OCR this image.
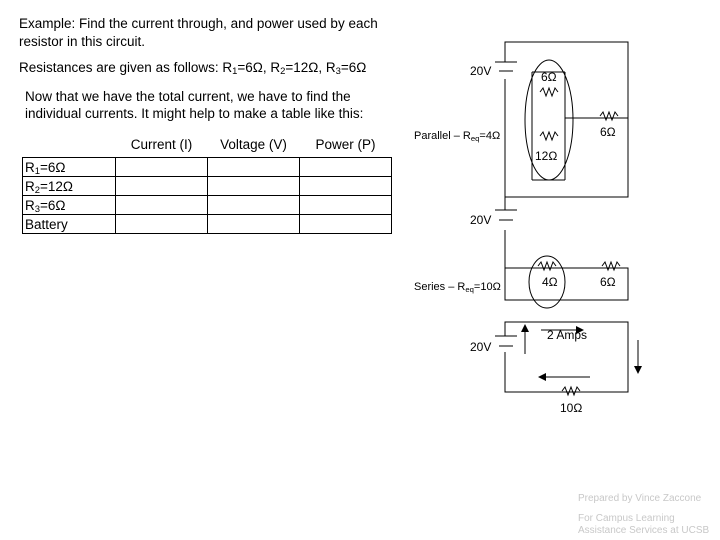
Example: Find the current through, and power used by each
resistor in this circuit.
Resistances are given as follows: $R_1=6\Omega$, $R_2=12\Omega$, $R_3=6\Omega$
Now that we have the total current, we have to find the
individual currents. It might help to make a table like this:
	Current (I)	Voltage (V)	Power (P)
$R_1=6\Omega$			
$R_2=12\Omega$			
$R_3=6\Omega$			
Battery			
20V	6Ω
6Ω
12Ω
Parallel – $R_{eq}=4\Omega$
20V
4Ω	6Ω
Series – $R_{eq}=10\Omega$
20V
2 Amps
10Ω
Prepared by Vince Zaccone
For Campus Learning
Assistance Services at UCSB
